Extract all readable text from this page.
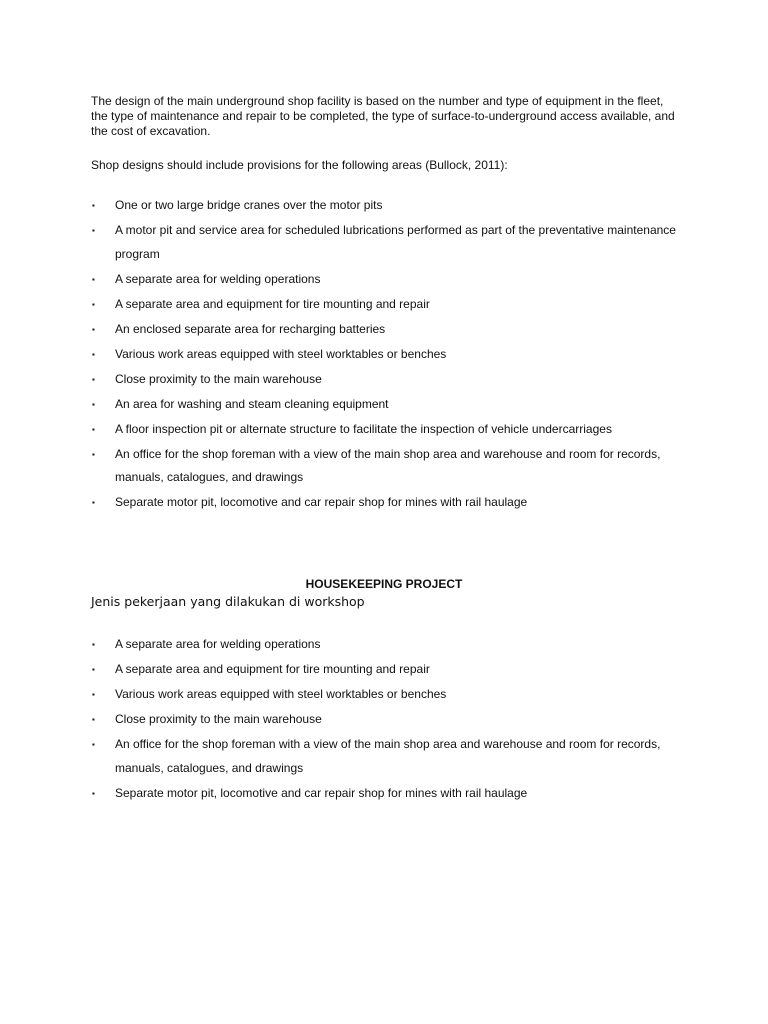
The design of the main underground shop facility is based on the number and type of equipment in the fleet, the type of maintenance and repair to be completed, the type of surface-to-underground access available, and the cost of excavation.

Shop designs should include provisions for the following areas (Bullock, 2011):

▪ One or two large bridge cranes over the motor pits
▪ A motor pit and service area for scheduled lubrications performed as part of the preventative maintenance program
▪ A separate area for welding operations
▪ A separate area and equipment for tire mounting and repair
▪ An enclosed separate area for recharging batteries
▪ Various work areas equipped with steel worktables or benches
▪ Close proximity to the main warehouse
▪ An area for washing and steam cleaning equipment
▪ A floor inspection pit or alternate structure to facilitate the inspection of vehicle undercarriages
▪ An office for the shop foreman with a view of the main shop area and warehouse and room for records, manuals, catalogues, and drawings
▪ Separate motor pit, locomotive and car repair shop for mines with rail haulage
HOUSEKEEPING PROJECT

Jenis pekerjaan yang dilakukan di workshop

▪ A separate area for welding operations
▪ A separate area and equipment for tire mounting and repair
▪ Various work areas equipped with steel worktables or benches
▪ Close proximity to the main warehouse
▪ An office for the shop foreman with a view of the main shop area and warehouse and room for records, manuals, catalogues, and drawings
▪ Separate motor pit, locomotive and car repair shop for mines with rail haulage
